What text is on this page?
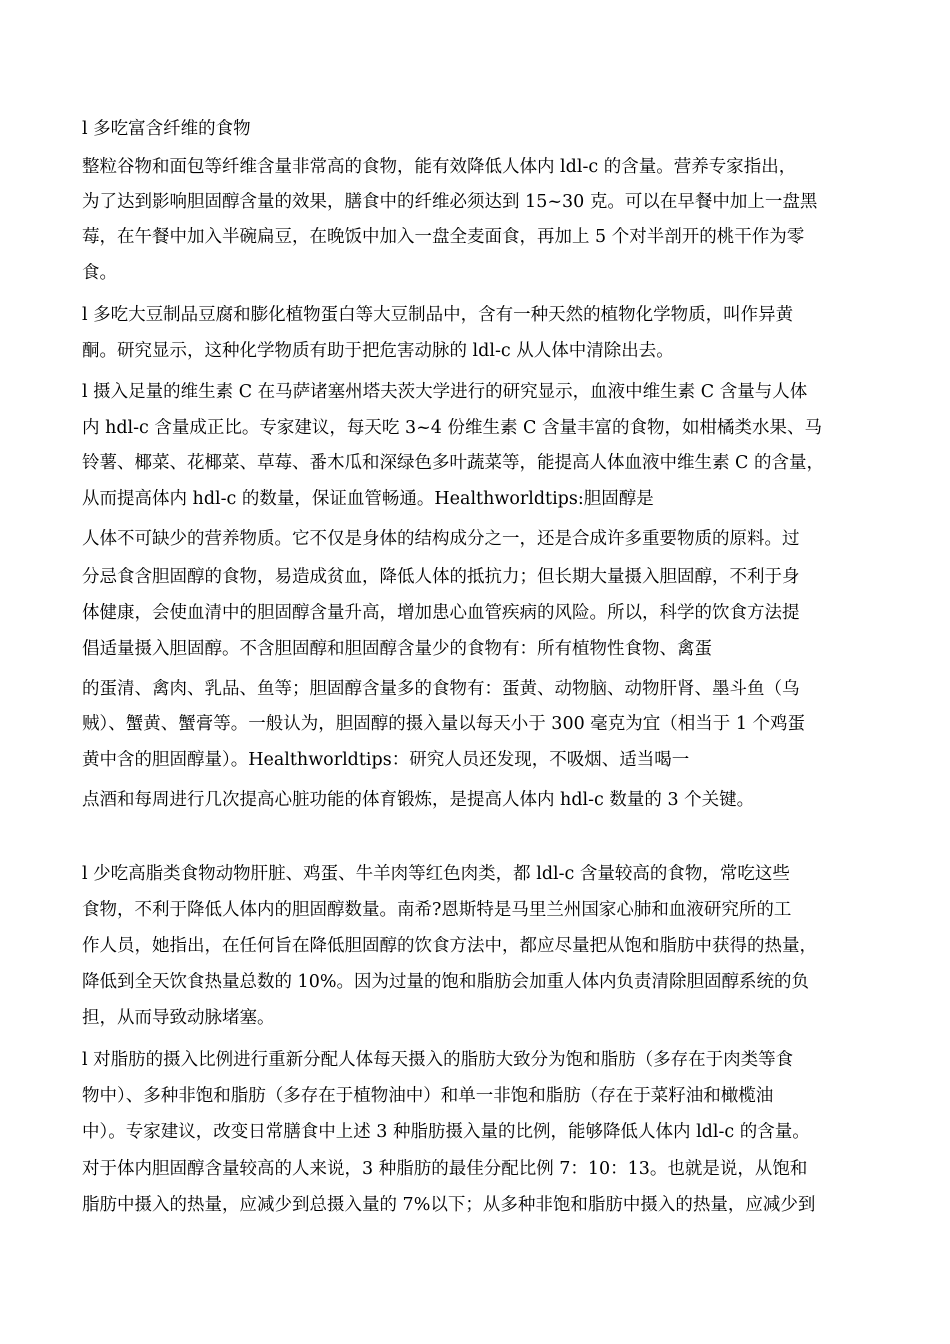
l 多吃富含纤维的食物
整粒谷物和面包等纤维含量非常高的食物，能有效降低人体内 ldl-c 的含量。营养专家指出，
为了达到影响胆固醇含量的效果，膳食中的纤维必须达到 15~30 克。可以在早餐中加上一盘黑
莓，在午餐中加入半碗扁豆，在晚饭中加入一盘全麦面食，再加上 5 个对半剖开的桃干作为零
食。
l 多吃大豆制品豆腐和膨化植物蛋白等大豆制品中，含有一种天然的植物化学物质，叫作异黄
酮。研究显示，这种化学物质有助于把危害动脉的 ldl-c 从人体中清除出去。
l 摄入足量的维生素 C 在马萨诸塞州塔夫茨大学进行的研究显示，血液中维生素 C 含量与人体
内 hdl-c 含量成正比。专家建议，每天吃 3~4 份维生素 C 含量丰富的食物，如柑橘类水果、马
铃薯、椰菜、花椰菜、草莓、番木瓜和深绿色多叶蔬菜等，能提高人体血液中维生素 C 的含量，
从而提高体内 hdl-c 的数量，保证血管畅通。Healthworldtips:胆固醇是
人体不可缺少的营养物质。它不仅是身体的结构成分之一，还是合成许多重要物质的原料。过
分忌食含胆固醇的食物，易造成贫血，降低人体的抵抗力；但长期大量摄入胆固醇，不利于身
体健康，会使血清中的胆固醇含量升高，增加患心血管疾病的风险。所以，科学的饮食方法提
倡适量摄入胆固醇。不含胆固醇和胆固醇含量少的食物有：所有植物性食物、禽蛋
的蛋清、禽肉、乳品、鱼等；胆固醇含量多的食物有：蛋黄、动物脑、动物肝肾、墨斗鱼（乌
贼）、蟹黄、蟹膏等。一般认为，胆固醇的摄入量以每天小于 300 毫克为宜（相当于 1 个鸡蛋
黄中含的胆固醇量）。Healthworldtips：研究人员还发现，不吸烟、适当喝一
点酒和每周进行几次提高心脏功能的体育锻炼，是提高人体内 hdl-c 数量的 3 个关键。
l 少吃高脂类食物动物肝脏、鸡蛋、牛羊肉等红色肉类，都 ldl-c 含量较高的食物，常吃这些
食物，不利于降低人体内的胆固醇数量。南希?恩斯特是马里兰州国家心肺和血液研究所的工
作人员，她指出，在任何旨在降低胆固醇的饮食方法中，都应尽量把从饱和脂肪中获得的热量，
降低到全天饮食热量总数的 10%。因为过量的饱和脂肪会加重人体内负责清除胆固醇系统的负
担，从而导致动脉堵塞。
l 对脂肪的摄入比例进行重新分配人体每天摄入的脂肪大致分为饱和脂肪（多存在于肉类等食
物中）、多种非饱和脂肪（多存在于植物油中）和单一非饱和脂肪（存在于菜籽油和橄榄油
中）。专家建议，改变日常膳食中上述 3 种脂肪摄入量的比例，能够降低人体内 ldl-c 的含量。
对于体内胆固醇含量较高的人来说，3 种脂肪的最佳分配比例 7：10：13。也就是说，从饱和
脂肪中摄入的热量，应减少到总摄入量的 7%以下；从多种非饱和脂肪中摄入的热量，应减少到
